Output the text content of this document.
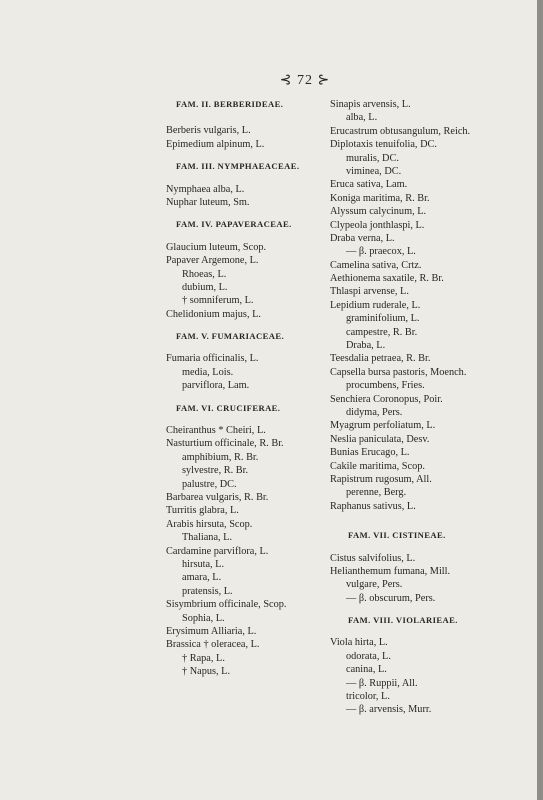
⊰ 72 ⊱
FAM. II. BERBERIDEAE.
Berberis vulgaris, L.
Epimedium alpinum, L.
FAM. III. NYMPHAEACEAE.
Nymphaea alba, L.
Nuphar luteum, Sm.
FAM. IV. PAPAVERACEAE.
Glaucium luteum, Scop.
Papaver Argemone, L.
Rhoeas, L.
dubium, L.
† somniferum, L.
Chelidonium majus, L.
FAM. V. FUMARIACEAE.
Fumaria officinalis, L.
media, Lois.
parviflora, Lam.
FAM. VI. CRUCIFERAE.
Cheiranthus * Cheiri, L.
Nasturtium officinale, R. Br.
amphibium, R. Br.
sylvestre, R. Br.
palustre, DC.
Barbarea vulgaris, R. Br.
Turritis glabra, L.
Arabis hirsuta, Scop.
Thaliana, L.
Cardamine parviflora, L.
hirsuta, L.
amara, L.
pratensis, L.
Sisymbrium officinale, Scop.
Sophia, L.
Erysimum Alliaria, L.
Brassica † oleracea, L.
† Rapa, L.
† Napus, L.
Sinapis arvensis, L.
alba, L.
Erucastrum obtusangulum, Reich.
Diplotaxis tenuifolia, DC.
muralis, DC.
viminea, DC.
Eruca sativa, Lam.
Koniga maritima, R. Br.
Alyssum calycinum, L.
Clypeola jonthlaspi, L.
Draba verna, L.
— β. praecox, L.
Camelina sativa, Crtz.
Aethionema saxatile, R. Br.
Thlaspi arvense, L.
Lepidium ruderale, L.
graminifolium, L.
campestre, R. Br.
Draba, L.
Teesdalia petraea, R. Br.
Capsella bursa pastoris, Moench.
procumbens, Fries.
Senchiera Coronopus, Poir.
didyma, Pers.
Myagrum perfoliatum, L.
Neslia paniculata, Desv.
Bunias Erucago, L.
Cakile maritima, Scop.
Rapistrum rugosum, All.
perenne, Berg.
Raphanus sativus, L.
FAM. VII. CISTINEAE.
Cistus salvifolius, L.
Helianthemum fumana, Mill.
vulgare, Pers.
— β. obscurum, Pers.
FAM. VIII. VIOLARIEAE.
Viola hirta, L.
odorata, L.
canina, L.
— β. Ruppii, All.
tricolor, L.
— β. arvensis, Murr.
